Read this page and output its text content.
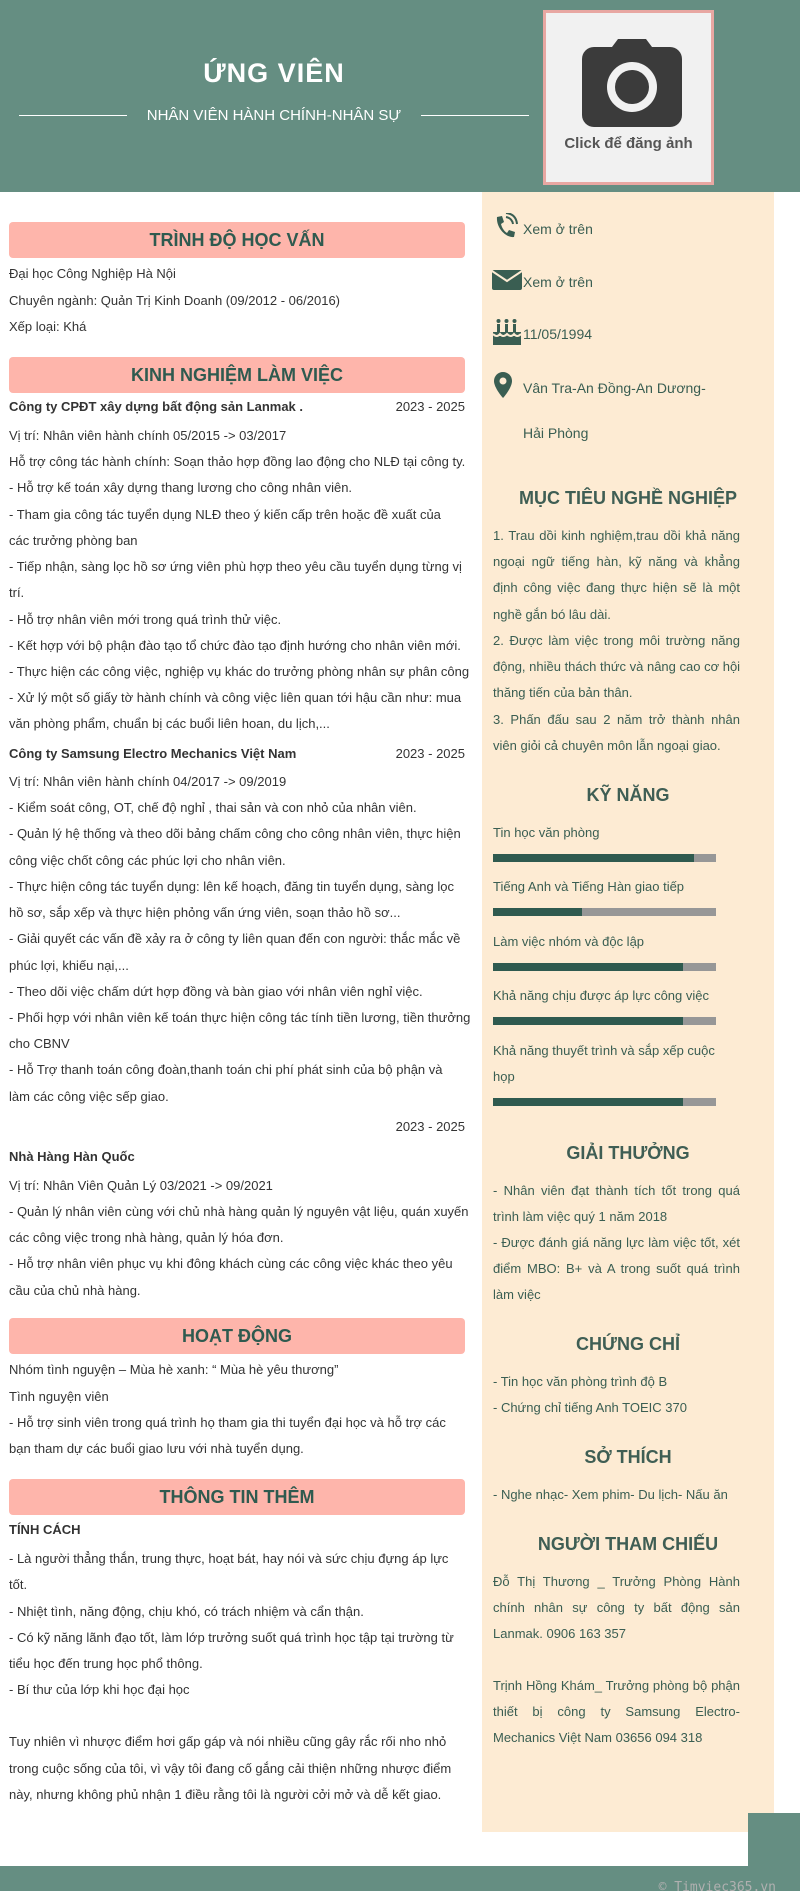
ỨNG VIÊN
NHÂN VIÊN HÀNH CHÍNH-NHÂN SỰ
Click để đăng ảnh
Xem ở trên
Xem ở trên
11/05/1994
Vân Tra-An Đồng-An Dương-
Hải Phòng
MỤC TIÊU NGHỀ NGHIỆP
1. Trau dồi kinh nghiệm,trau dồi khả năng
ngoại ngữ tiếng hàn, kỹ năng và khẳng
định công việc đang thực hiện sẽ là một
nghề gắn bó lâu dài.
2. Được làm việc trong môi trường năng
động, nhiều thách thức và nâng cao cơ hội
thăng tiến của bản thân.
3. Phấn đấu sau 2 năm trở thành nhân
viên giỏi cả chuyên môn lẫn ngoại giao.
KỸ NĂNG
Tin học văn phòng
Tiếng Anh và Tiếng Hàn giao tiếp
Làm việc nhóm và độc lập
Khả năng chịu được áp lực công việc
Khả năng thuyết trình và sắp xếp cuộc
họp
GIẢI THƯỞNG
- Nhân viên đạt thành tích tốt trong quá
trình làm việc quý 1 năm 2018
- Được đánh giá năng lực làm việc tốt, xét
điểm MBO: B+ và A trong suốt quá trình
làm việc
CHỨNG CHỈ
- Tin học văn phòng trình độ B
- Chứng chỉ tiếng Anh TOEIC 370
SỞ THÍCH
- Nghe nhạc- Xem phim- Du lịch- Nấu ăn
NGƯỜI THAM CHIẾU
Đỗ Thị Thương _ Trưởng Phòng Hành
chính nhân sự công ty bất động sản
Lanmak. 0906 163 357
Trịnh Hồng Khám_ Trưởng phòng bộ phận
thiết bị công ty Samsung Electro-
Mechanics Việt Nam 03656 094 318
TRÌNH ĐỘ HỌC VẤN
Đại học Công Nghiệp Hà Nội
Chuyên ngành: Quản Trị Kinh Doanh (09/2012 - 06/2016)
Xếp loại: Khá
KINH NGHIỆM LÀM VIỆC
Công ty CPĐT xây dựng bất động sản Lanmak .	2023 - 2025
Vị trí: Nhân viên hành chính 05/2015 -> 03/2017
Hỗ trợ công tác hành chính: Soạn thảo hợp đồng lao động cho NLĐ tại công ty.
- Hỗ trợ kế toán xây dựng thang lương cho công nhân viên.
- Tham gia công tác tuyển dụng NLĐ theo ý kiến cấp trên hoặc đề xuất của
các trưởng phòng ban
- Tiếp nhận, sàng lọc hồ sơ ứng viên phù hợp theo yêu cầu tuyển dụng từng vị
trí.
- Hỗ trợ nhân viên mới trong quá trình thử việc.
- Kết hợp với bộ phận đào tạo tổ chức đào tạo định hướng cho nhân viên mới.
- Thực hiện các công việc, nghiệp vụ khác do trưởng phòng nhân sự phân công
- Xử lý một số giấy tờ hành chính và công việc liên quan tới hậu cần như: mua
văn phòng phẩm, chuẩn bị các buổi liên hoan, du lịch,...
Công ty Samsung Electro Mechanics Việt Nam	2023 - 2025
Vị trí: Nhân viên hành chính 04/2017 -> 09/2019
- Kiểm soát công, OT, chế độ nghỉ , thai sản và con nhỏ của nhân viên.
- Quản lý hệ thống và theo dõi bảng chấm công cho công nhân viên, thực hiện
công việc chốt công các phúc lợi cho nhân viên.
- Thực hiện công tác tuyển dụng: lên kế hoạch, đăng tin tuyển dụng, sàng lọc
hồ sơ, sắp xếp và thực hiện phỏng vấn ứng viên, soạn thảo hồ sơ...
- Giải quyết các vấn đề xảy ra ở công ty liên quan đến con người: thắc mắc về
phúc lợi, khiếu nại,...
- Theo dõi việc chấm dứt hợp đồng và bàn giao với nhân viên nghỉ việc.
- Phối hợp với nhân viên kế toán thực hiện công tác tính tiền lương, tiền thưởng
cho CBNV
- Hỗ Trợ thanh toán công đoàn,thanh toán chi phí phát sinh của bộ phận và
làm các công việc sếp giao.
2023 - 2025
Nhà Hàng Hàn Quốc
Vị trí: Nhân Viên Quản Lý 03/2021 -> 09/2021
- Quản lý nhân viên cùng với chủ nhà hàng quản lý nguyên vật liệu, quán xuyến
các công việc trong nhà hàng, quản lý hóa đơn.
- Hỗ trợ nhân viên phục vụ khi đông khách cùng các công việc khác theo yêu
cầu của chủ nhà hàng.
HOẠT ĐỘNG
Nhóm tình nguyện – Mùa hè xanh: “ Mùa hè yêu thương”
Tình nguyện viên
- Hỗ trợ sinh viên trong quá trình họ tham gia thi tuyển đại học và hỗ trợ các
bạn tham dự các buổi giao lưu với nhà tuyển dụng.
THÔNG TIN THÊM
TÍNH CÁCH
- Là người thẳng thắn, trung thực, hoạt bát, hay nói và sức chịu đựng áp lực
tốt.
- Nhiệt tình, năng động, chịu khó, có trách nhiệm và cẩn thận.
- Có kỹ năng lãnh đạo tốt, làm lớp trưởng suốt quá trình học tập tại trường từ
tiểu học đến trung học phổ thông.
- Bí thư của lớp khi học đại học
Tuy nhiên vì nhược điểm hơi gấp gáp và nói nhiều cũng gây rắc rối nho nhỏ
trong cuộc sống của tôi, vì vậy tôi đang cố gắng cải thiện những nhược điểm
này, nhưng không phủ nhận 1 điều rằng tôi là người cởi mở và dễ kết giao.
© Timviec365.vn
